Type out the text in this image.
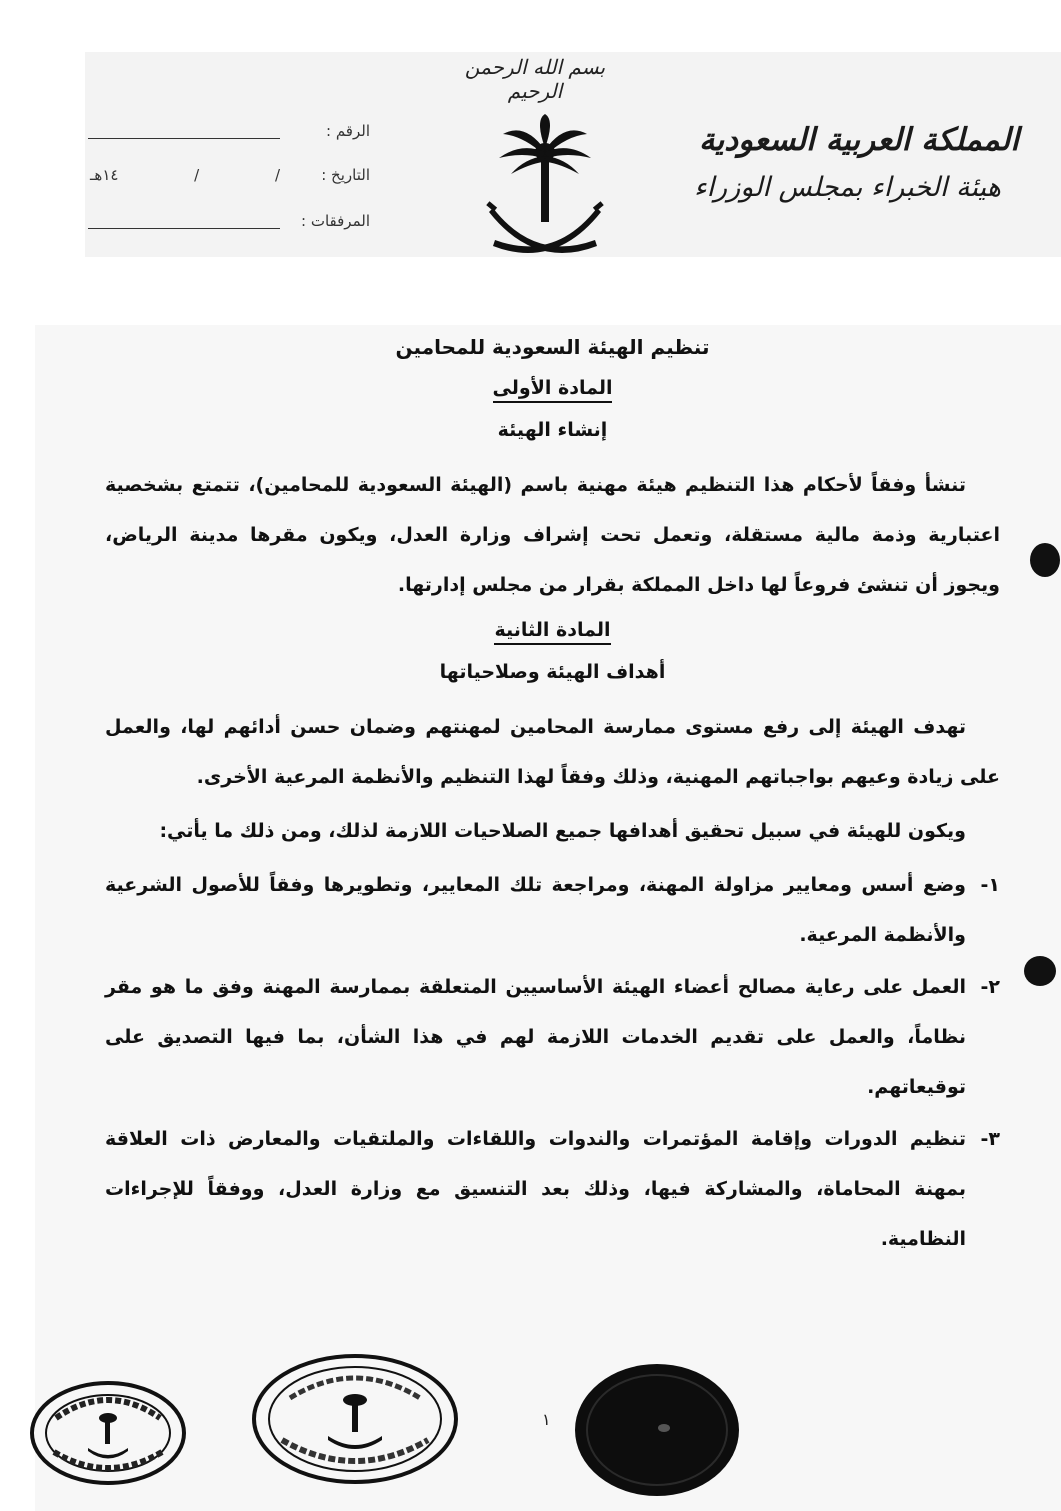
بسم الله الرحمن الرحيم
المملكة العربية السعودية
هيئة الخبراء بمجلس الوزراء
الرقم :
التاريخ :
/
/
١٤هـ
المرفقات :
تنظيم الهيئة السعودية للمحامين
المادة الأولى
إنشاء الهيئة

تنشأ وفقاً لأحكام هذا التنظيم هيئة مهنية باسم (الهيئة السعودية للمحامين)، تتمتع بشخصية اعتبارية وذمة مالية مستقلة، وتعمل تحت إشراف وزارة العدل، ويكون مقرها مدينة الرياض، ويجوز أن تنشئ فروعاً لها داخل المملكة بقرار من مجلس إدارتها.

المادة الثانية
أهداف الهيئة وصلاحياتها

تهدف الهيئة إلى رفع مستوى ممارسة المحامين لمهنتهم وضمان حسن أدائهم لها، والعمل على زيادة وعيهم بواجباتهم المهنية، وذلك وفقاً لهذا التنظيم والأنظمة المرعية الأخرى.

ويكون للهيئة في سبيل تحقيق أهدافها جميع الصلاحيات اللازمة لذلك، ومن ذلك ما يأتي:

١-وضع أسس ومعايير مزاولة المهنة، ومراجعة تلك المعايير، وتطويرها وفقاً للأصول الشرعية والأنظمة المرعية.

٢-العمل على رعاية مصالح أعضاء الهيئة الأساسيين المتعلقة بممارسة المهنة وفق ما هو مقر نظاماً، والعمل على تقديم الخدمات اللازمة لهم في هذا الشأن، بما فيها التصديق على توقيعاتهم.

٣-تنظيم الدورات وإقامة المؤتمرات والندوات واللقاءات والملتقيات والمعارض ذات العلاقة بمهنة المحاماة، والمشاركة فيها، وذلك بعد التنسيق مع وزارة العدل، ووفقاً للإجراءات النظامية.

١
